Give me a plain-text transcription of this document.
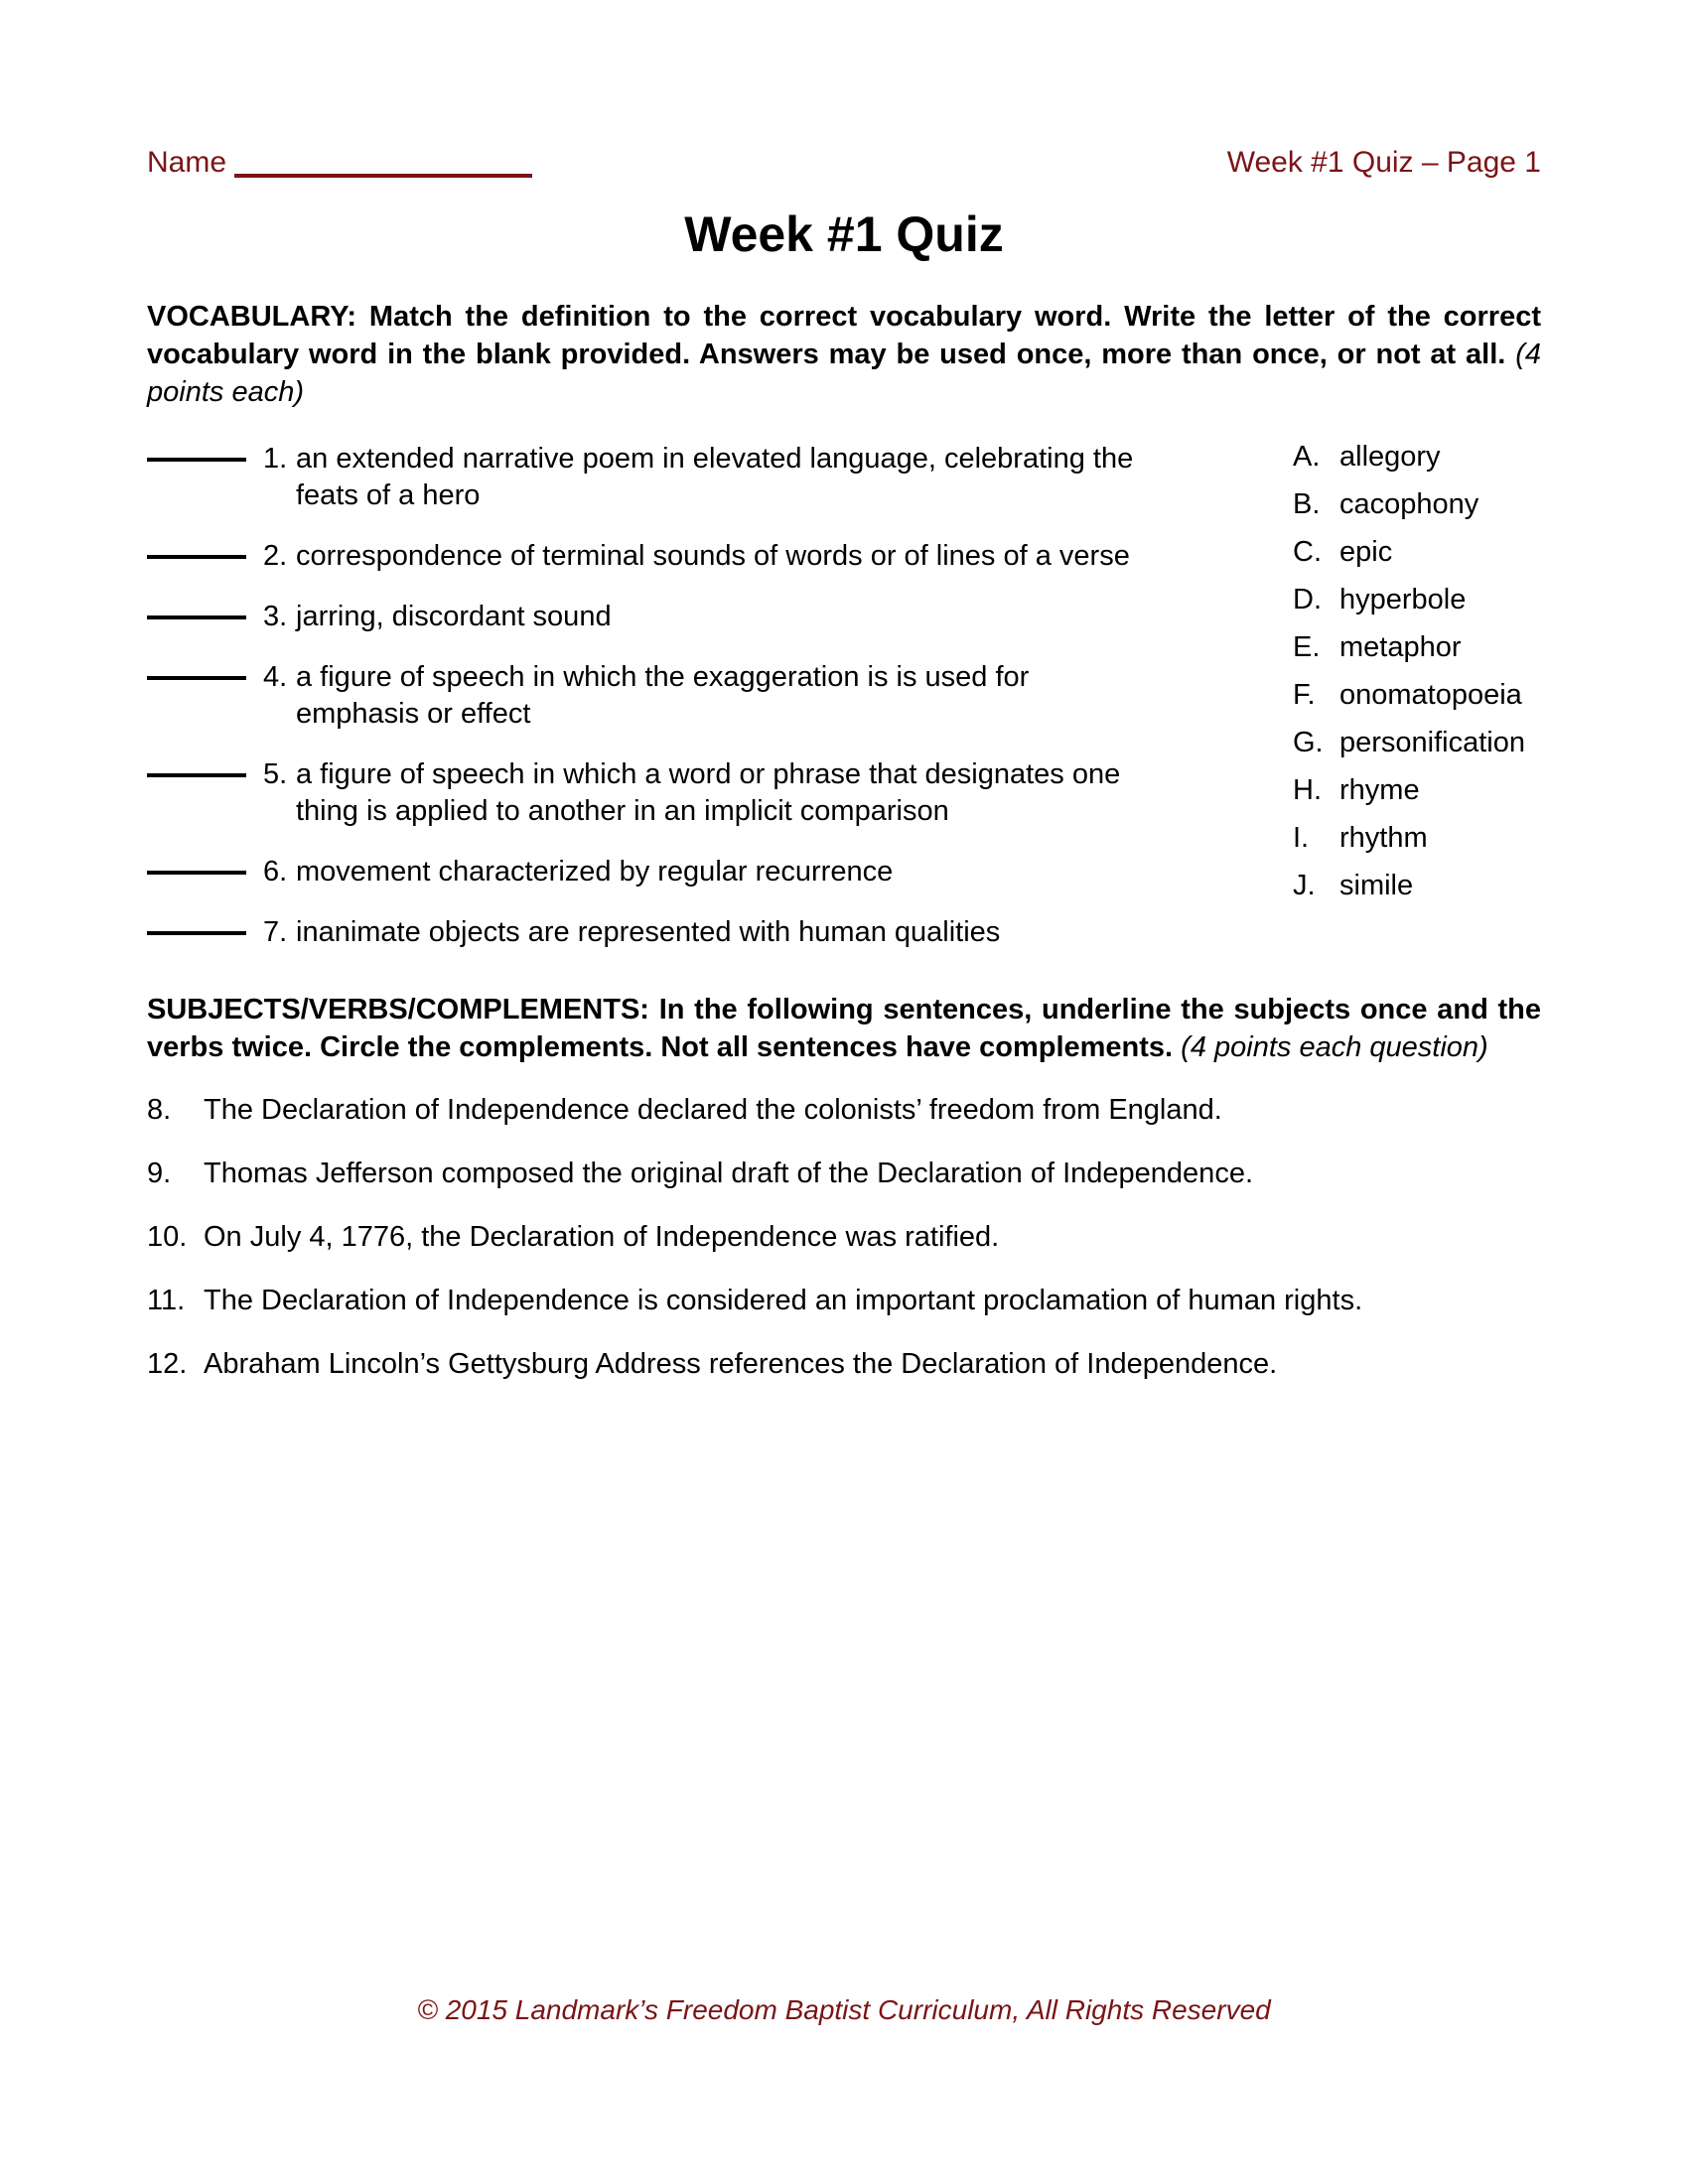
Name	Week #1 Quiz – Page 1
Week #1 Quiz

VOCABULARY: Match the definition to the correct vocabulary word. Write the letter of the correct vocabulary word in the blank provided. Answers may be used once, more than once, or not at all. (4 points each)

1. an extended narrative poem in elevated language, celebrating the feats of a hero
2. correspondence of terminal sounds of words or of lines of a verse
3. jarring, discordant sound
4. a figure of speech in which the exaggeration is is used for emphasis or effect
5. a figure of speech in which a word or phrase that designates one thing is applied to another in an implicit comparison
6. movement characterized by regular recurrence
7. inanimate objects are represented with human qualities
A. allegory
B. cacophony
C. epic
D. hyperbole
E. metaphor
F. onomatopoeia
G. personification
H. rhyme
I.	rhythm
J. simile

SUBJECTS/VERBS/COMPLEMENTS: In the following sentences, underline the subjects once and the verbs twice. Circle the complements. Not all sentences have complements. (4 points each question)

8.	The Declaration of Independence declared the colonists’ freedom from England.
9.	Thomas Jefferson composed the original draft of the Declaration of Independence.
10. On July 4, 1776, the Declaration of Independence was ratified.
11. The Declaration of Independence is considered an important proclamation of human rights.
12. Abraham Lincoln’s Gettysburg Address references the Declaration of Independence.
© 2015 Landmark’s Freedom Baptist Curriculum, All Rights Reserved
